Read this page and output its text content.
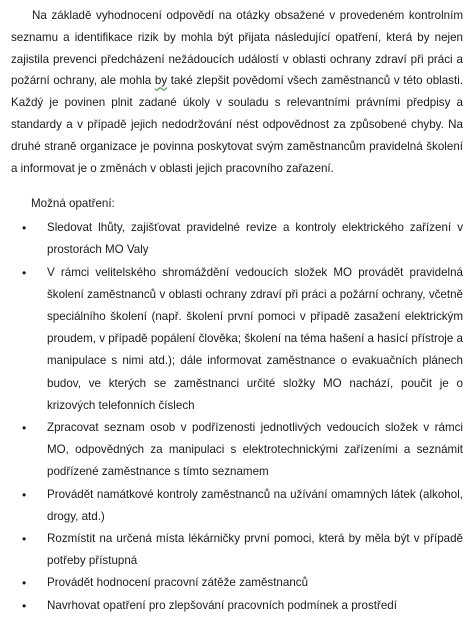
Na základě vyhodnocení odpovědí na otázky obsažené v provedeném kontrolním seznamu a identifikace rizik by mohla být přijata následující opatření, která by nejen zajistila prevenci předcházení nežádoucích událostí v oblasti ochrany zdraví při práci a požární ochrany, ale mohla by také zlepšit povědomí všech zaměstnanců v této oblasti. Každý je povinen plnit zadané úkoly v souladu s relevantními právními předpisy a standardy a v případě jejich nedodržování nést odpovědnost za způsobené chyby. Na druhé straně organizace je povinna poskytovat svým zaměstnancům pravidelná školení a informovat je o změnách v oblasti jejich pracovního zařazení.

Možná opatření:
• Sledovat lhůty, zajišťovat pravidelné revize a kontroly elektrického zařízení v prostorách MO Valy
• V rámci velitelského shromáždění vedoucích složek MO provádět pravidelná školení zaměstnanců v oblasti ochrany zdraví při práci a požární ochrany, včetně speciálního školení (např. školení první pomoci v případě zasažení elektrickým proudem, v případě popálení člověka; školení na téma hašení a hasící přístroje a manipulace s nimi atd.); dále informovat zaměstnance o evakuačních plánech budov, ve kterých se zaměstnanci určité složky MO nachází, poučit je o krizových telefonních číslech
• Zpracovat seznam osob v podřízenosti jednotlivých vedoucích složek v rámci MO, odpovědných za manipulaci s elektrotechnickými zařízeními a seznámit podřízené zaměstnance s tímto seznamem
• Provádět namátkové kontroly zaměstnanců na užívání omamných látek (alkohol, drogy, atd.)
• Rozmístit na určená místa lékárničky první pomoci, která by měla být v případě potřeby přístupná
• Provádět hodnocení pracovní zátěže zaměstnanců
• Navrhovat opatření pro zlepšování pracovních podmínek a prostředí
